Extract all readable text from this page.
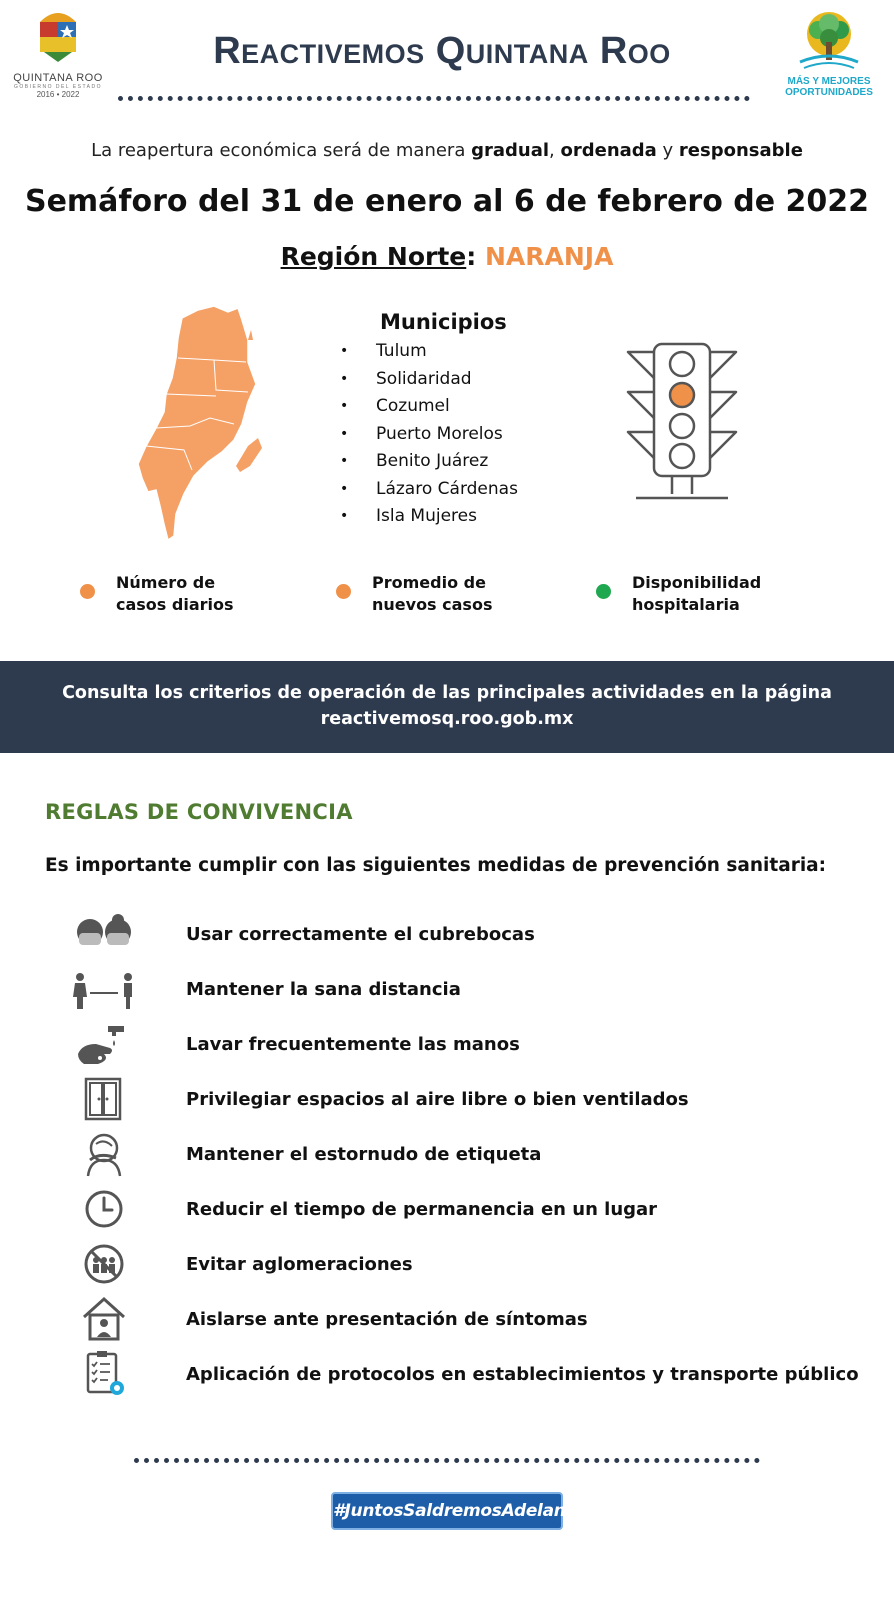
QUINTANA ROO
GOBIERNO DEL ESTADO
2016 • 2022
Reactivemos Quintana Roo
MÁS Y MEJORES
OPORTUNIDADES
La reapertura económica será de manera gradual, ordenada y responsable
Semáforo del 31 de enero al 6 de febrero de 2022
Región Norte: NARANJA
Municipios
• Tulum
• Solidaridad
• Cozumel
• Puerto Morelos
• Benito Juárez
• Lázaro Cárdenas
• Isla Mujeres
Número de
casos diarios
Promedio de
nuevos casos
Disponibilidad
hospitalaria
Consulta los criterios de operación de las principales actividades en la página
reactivemosq.roo.gob.mx
REGLAS DE CONVIVENCIA
Es importante cumplir con las siguientes medidas de prevención sanitaria:
Usar correctamente el cubrebocas
Mantener la sana distancia
Lavar frecuentemente las manos
Privilegiar espacios al aire libre o bien ventilados
Mantener el estornudo de etiqueta
Reducir el tiempo de permanencia en un lugar
Evitar aglomeraciones
Aislarse ante presentación de síntomas
Aplicación de protocolos en establecimientos y transporte público
#JuntosSaldremosAdelante
